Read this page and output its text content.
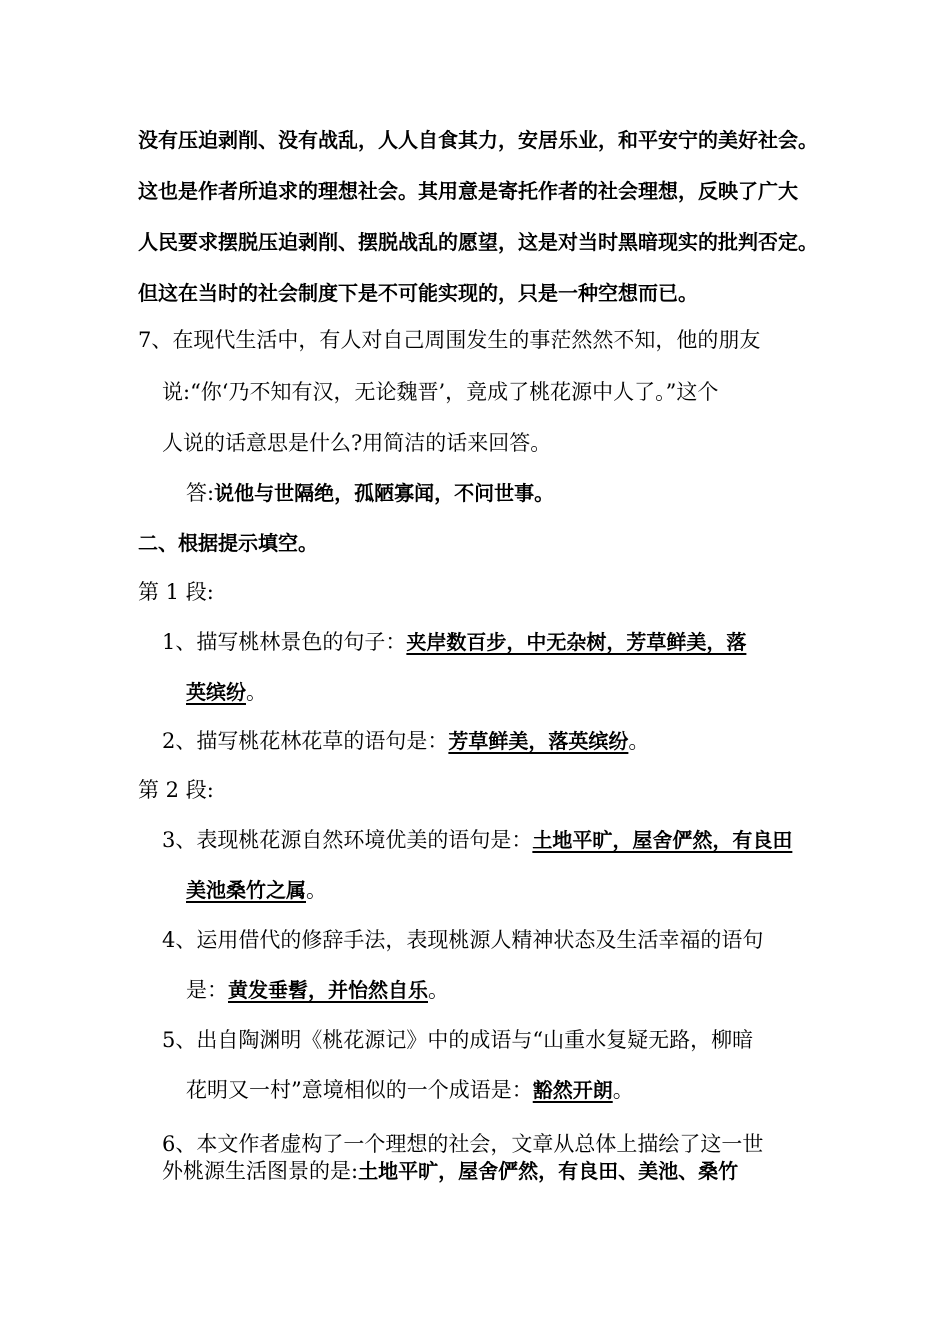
没有压迫剥削、没有战乱，人人自食其力，安居乐业，和平安宁的美好社会。
这也是作者所追求的理想社会。其用意是寄托作者的社会理想，反映了广大
人民要求摆脱压迫剥削、摆脱战乱的愿望，这是对当时黑暗现实的批判否定。
但这在当时的社会制度下是不可能实现的，只是一种空想而已。
7、在现代生活中，有人对自己周围发生的事茫然然不知，他的朋友
说:“你‘乃不知有汉，无论魏晋’，竟成了桃花源中人了。”这个
人说的话意思是什么?用简洁的话来回答。
答:说他与世隔绝，孤陋寡闻，不问世事。
二、根据提示填空。
第 1 段:
1、描写桃林景色的句子：夹岸数百步，中无杂树，芳草鲜美，落
英缤纷。
2、描写桃花林花草的语句是：芳草鲜美，落英缤纷。
第 2 段:
3、表现桃花源自然环境优美的语句是：土地平旷，屋舍俨然，有良田
美池桑竹之属。
4、运用借代的修辞手法，表现桃源人精神状态及生活幸福的语句
是：黄发垂髫，并怡然自乐。
5、出自陶渊明《桃花源记》中的成语与“山重水复疑无路，柳暗
花明又一村”意境相似的一个成语是：豁然开朗。
6、本文作者虚构了一个理想的社会，文章从总体上描绘了这一世
外桃源生活图景的是:土地平旷，屋舍俨然，有良田、美池、桑竹
